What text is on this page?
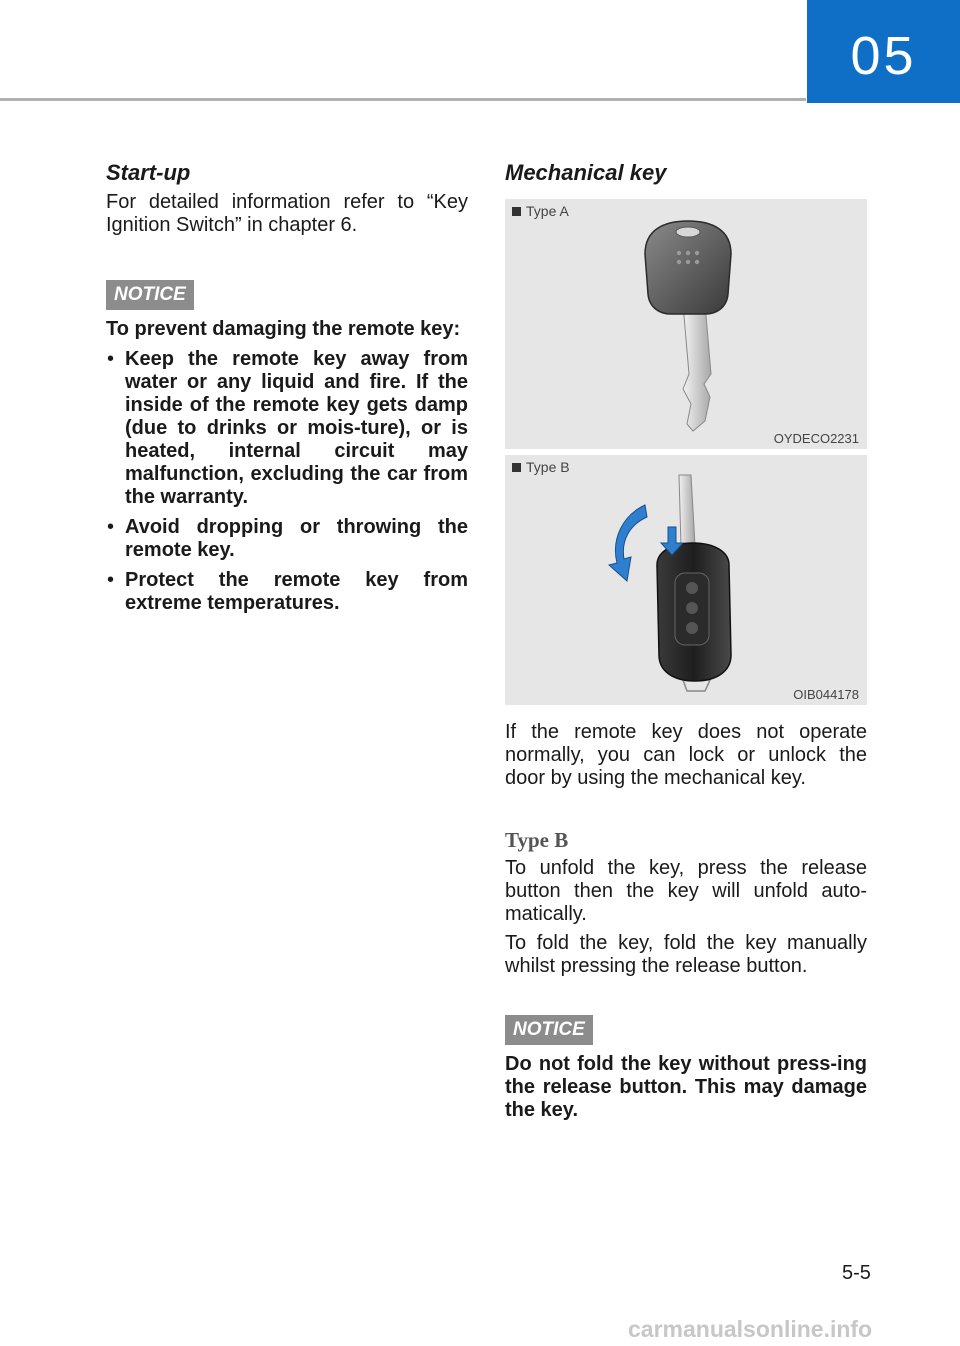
05
Start-up

For detailed information refer to “Key Ignition Switch” in chapter 6.

NOTICE

To prevent damaging the remote key:

• Keep the remote key away from water or any liquid and fire. If the inside of the remote key gets damp (due to drinks or mois-ture), or is heated, internal circuit may malfunction, excluding the car from the warranty.
• Avoid dropping or throwing the remote key.
• Protect the remote key from extreme temperatures.
Mechanical key
Type A
OYDECO2231
Type B
OIB044178

If the remote key does not operate normally, you can lock or unlock the door by using the mechanical key.

Type B

To unfold the key, press the release button then the key will unfold auto-matically.

To fold the key, fold the key manually whilst pressing the release button.

NOTICE

Do not fold the key without press-ing the release button. This may damage the key.

5-5
carmanualsonline.info
